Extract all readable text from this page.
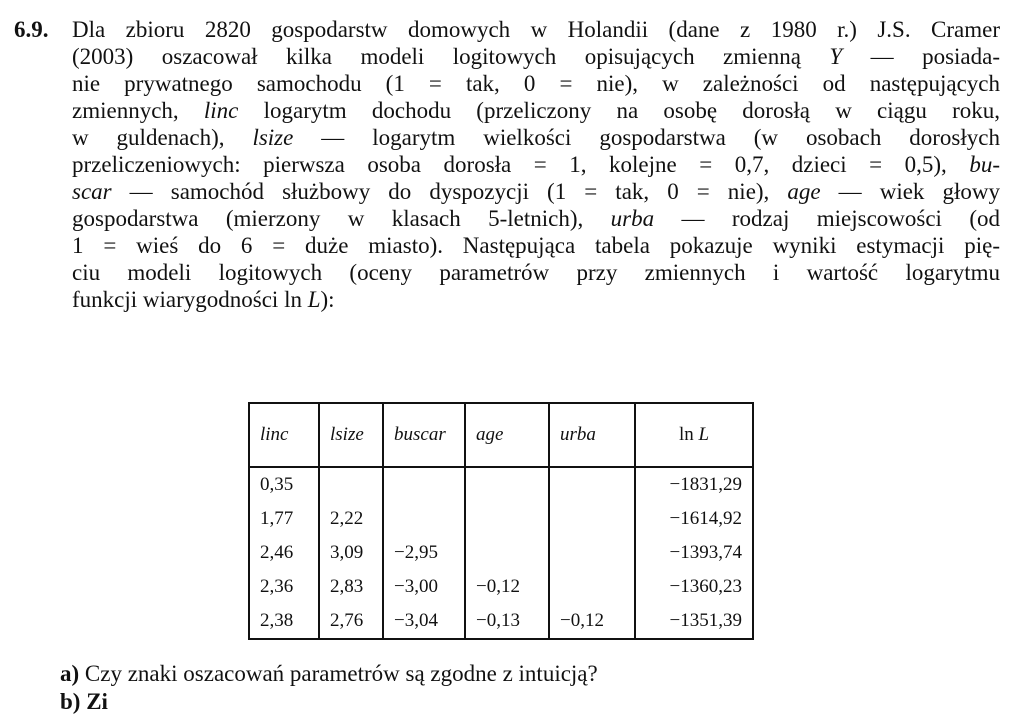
6.9. Dla zbioru 2820 gospodarstw domowych w Holandii (dane z 1980 r.) J.S. Cramer
(2003) oszacował kilka modeli logitowych opisujących zmienną Y — posiada-
nie prywatnego samochodu (1 = tak, 0 = nie), w zależności od następujących
zmiennych, linc logarytm dochodu (przeliczony na osobę dorosłą w ciągu roku,
w guldenach), lsize — logarytm wielkości gospodarstwa (w osobach dorosłych
przeliczeniowych: pierwsza osoba dorosła = 1, kolejne = 0,7, dzieci = 0,5), bu-
scar — samochód służbowy do dyspozycji (1 = tak, 0 = nie), age — wiek głowy
gospodarstwa (mierzony w klasach 5-letnich), urba — rodzaj miejscowości (od
1 = wieś do 6 = duże miasto). Następująca tabela pokazuje wyniki estymacji pię-
ciu modeli logitowych (oceny parametrów przy zmiennych i wartość logarytmu
funkcji wiarygodności ln L):
linc	lsize	buscar	age	urba	ln L
0,35					−1831,29
1,77	2,22				−1614,92
2,46	3,09	−2,95			−1393,74
2,36	2,83	−3,00	−0,12		−1360,23
2,38	2,76	−3,04	−0,13	−0,12	−1351,39
a) Czy znaki oszacowań parametrów są zgodne z intuicją?
b) Zi
